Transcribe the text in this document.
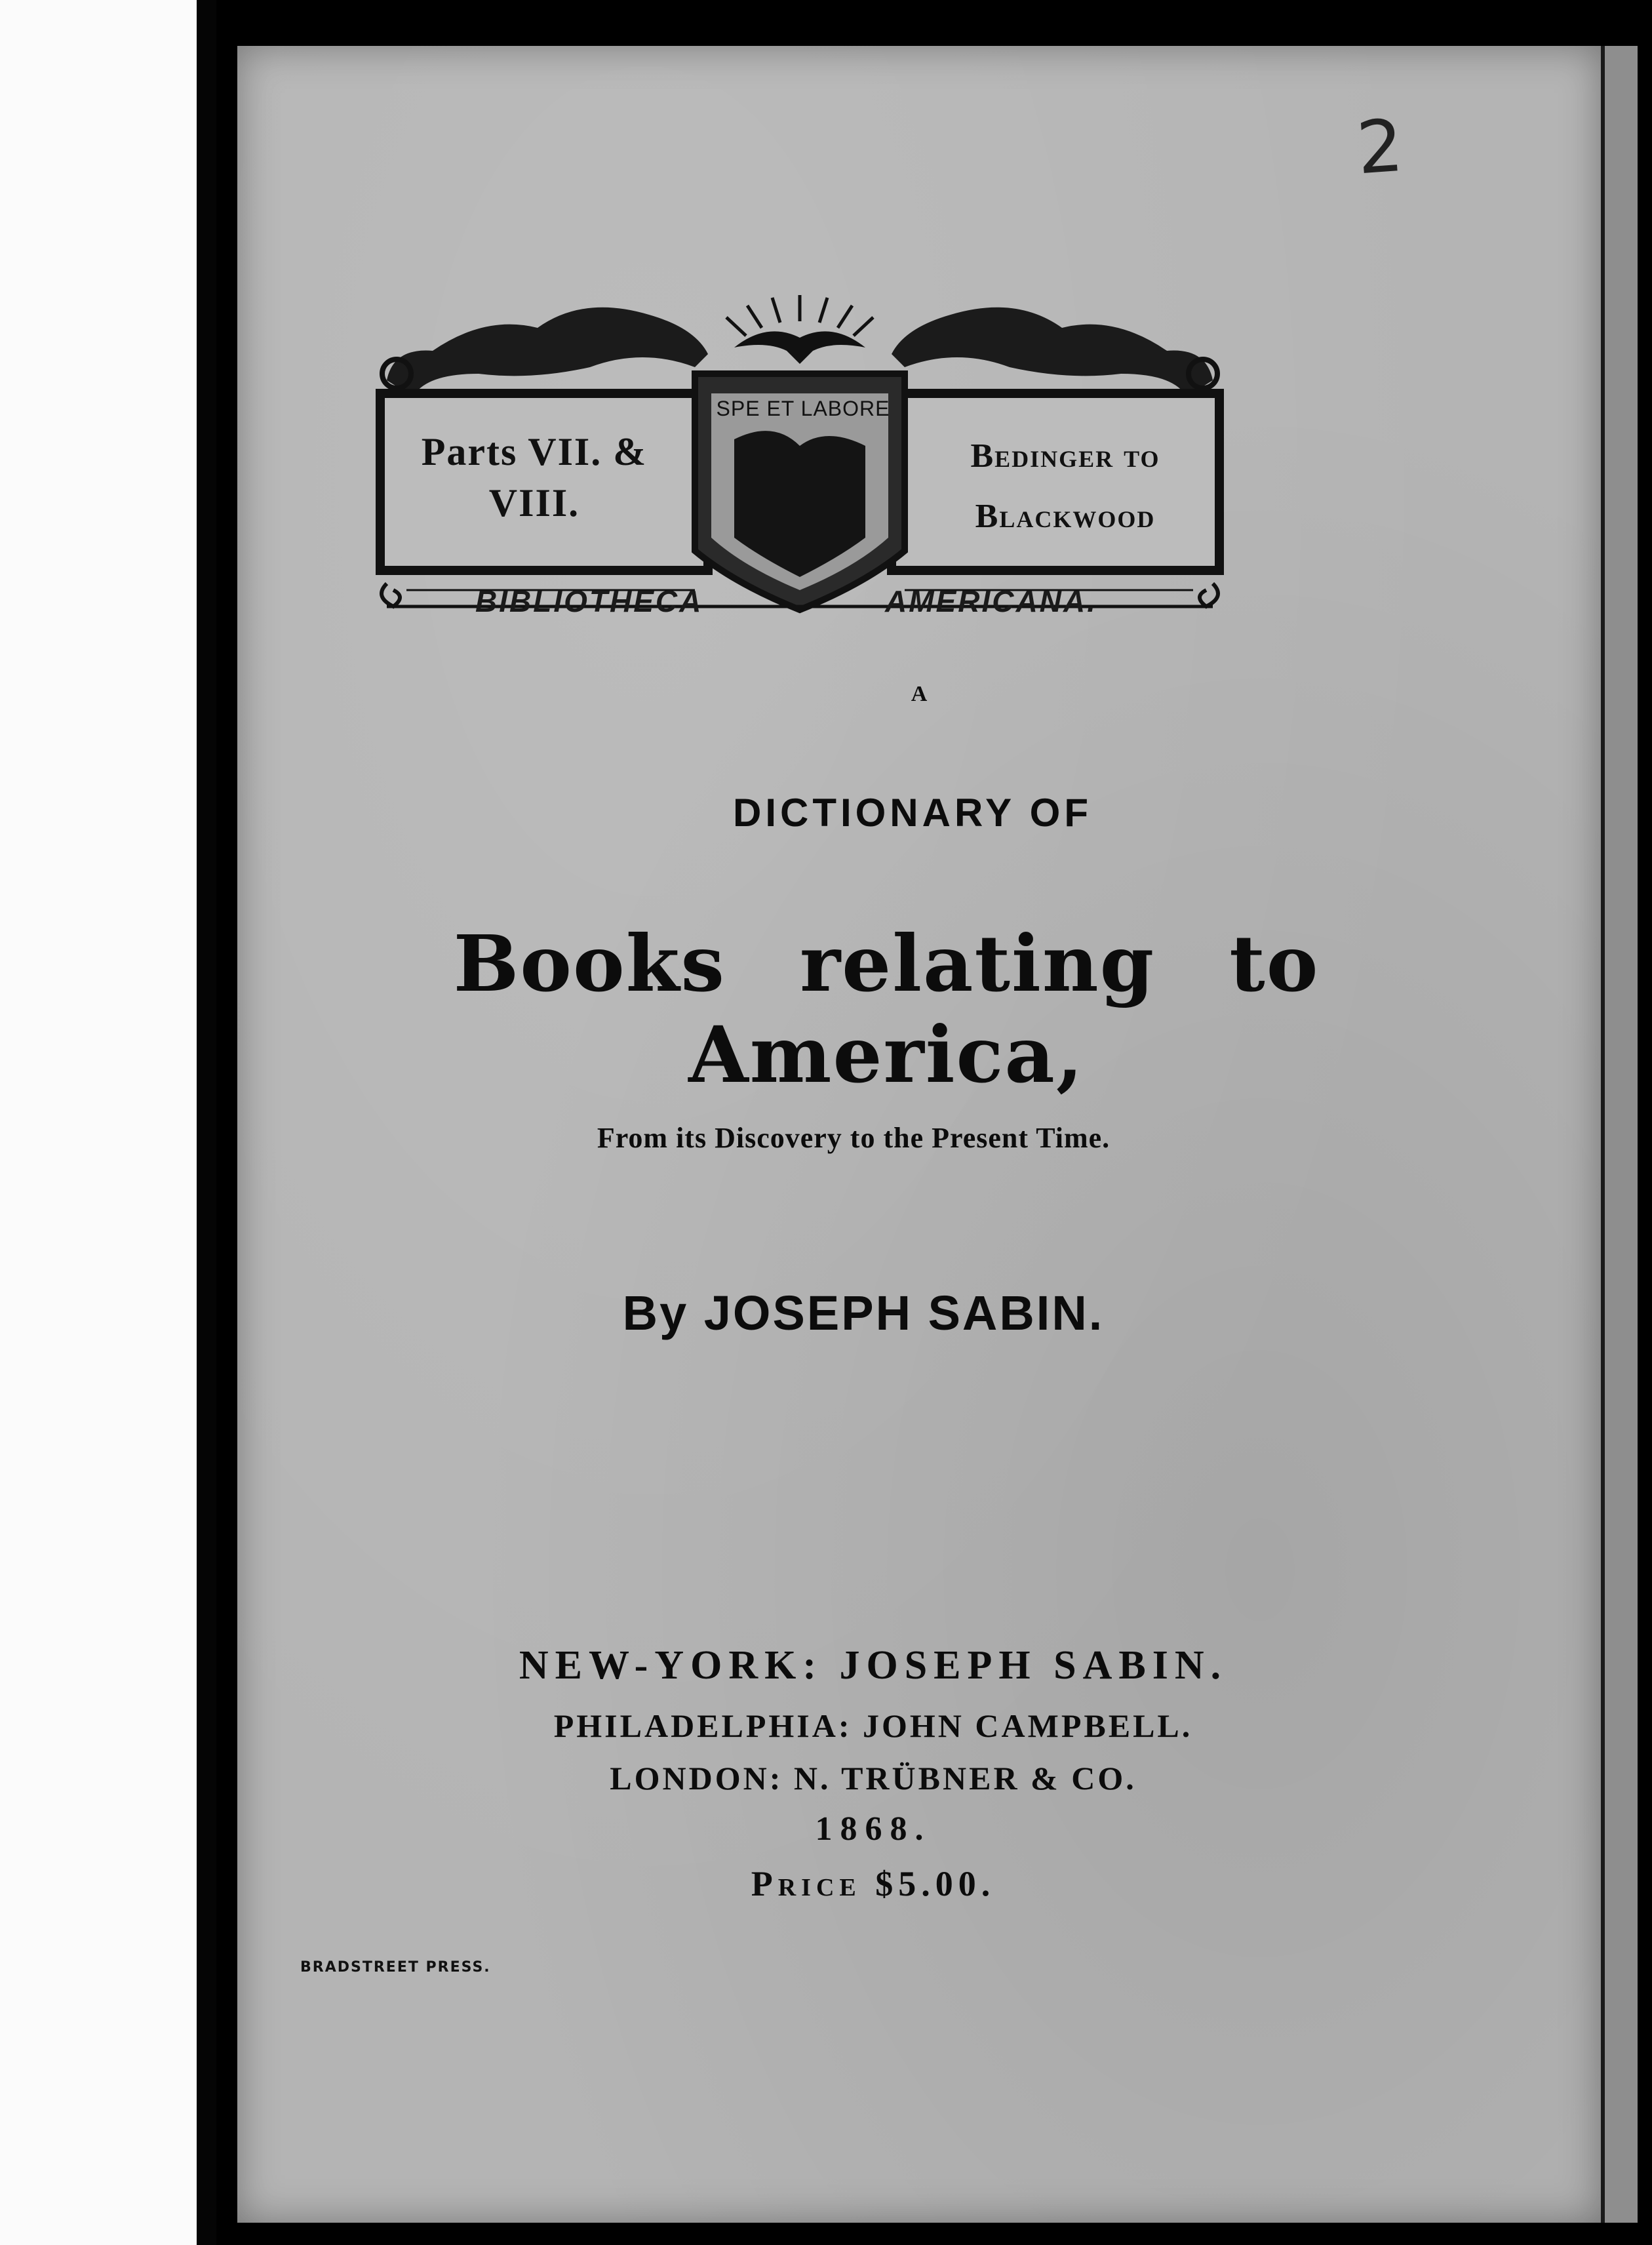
2
Parts VII. &
VIII.
Bedinger to
Blackwood
SPE ET LABORE
BIBLIOTHECA	AMERICANA.
A
DICTIONARY OF
Books relating to America,
From its Discovery to the Present Time.
By JOSEPH SABIN.
NEW-YORK: JOSEPH SABIN.
PHILADELPHIA: JOHN CAMPBELL.
LONDON: N. TRÜBNER & CO.
1868.
Price $5.00.
BRADSTREET PRESS.
